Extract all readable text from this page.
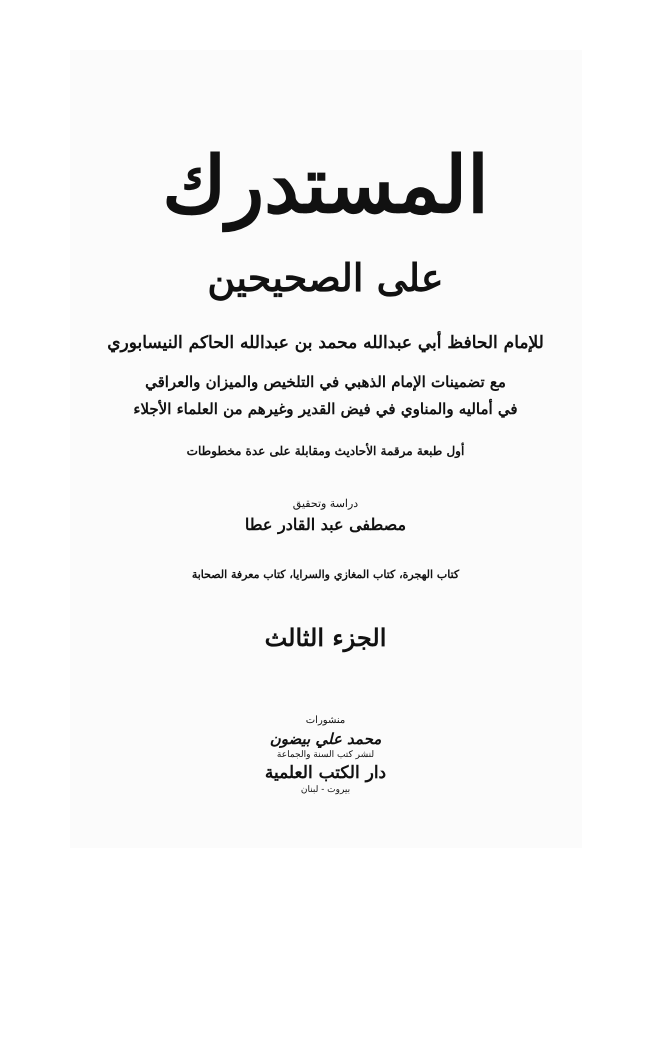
المستدرك
على الصحيحين
للإمام الحافظ أبي عبدالله محمد بن عبدالله الحاكم النيسابوري
مع تضمينات الإمام الذهبي في التلخيص والميزان والعراقي
في أماليه والمناوي في فيض القدير وغيرهم من العلماء الأجلاء
أول طبعة مرقمة الأحاديث ومقابلة على عدة مخطوطات
دراسة وتحقيق
مصطفى عبد القادر عطا
كتاب الهجرة، كتاب المغازي والسرايا، كتاب معرفة الصحابة
الجزء الثالث
منشورات
محمد علي بيضون
لنشر كتب السنة والجماعة
دار الكتب العلمية
بيروت - لبنان
